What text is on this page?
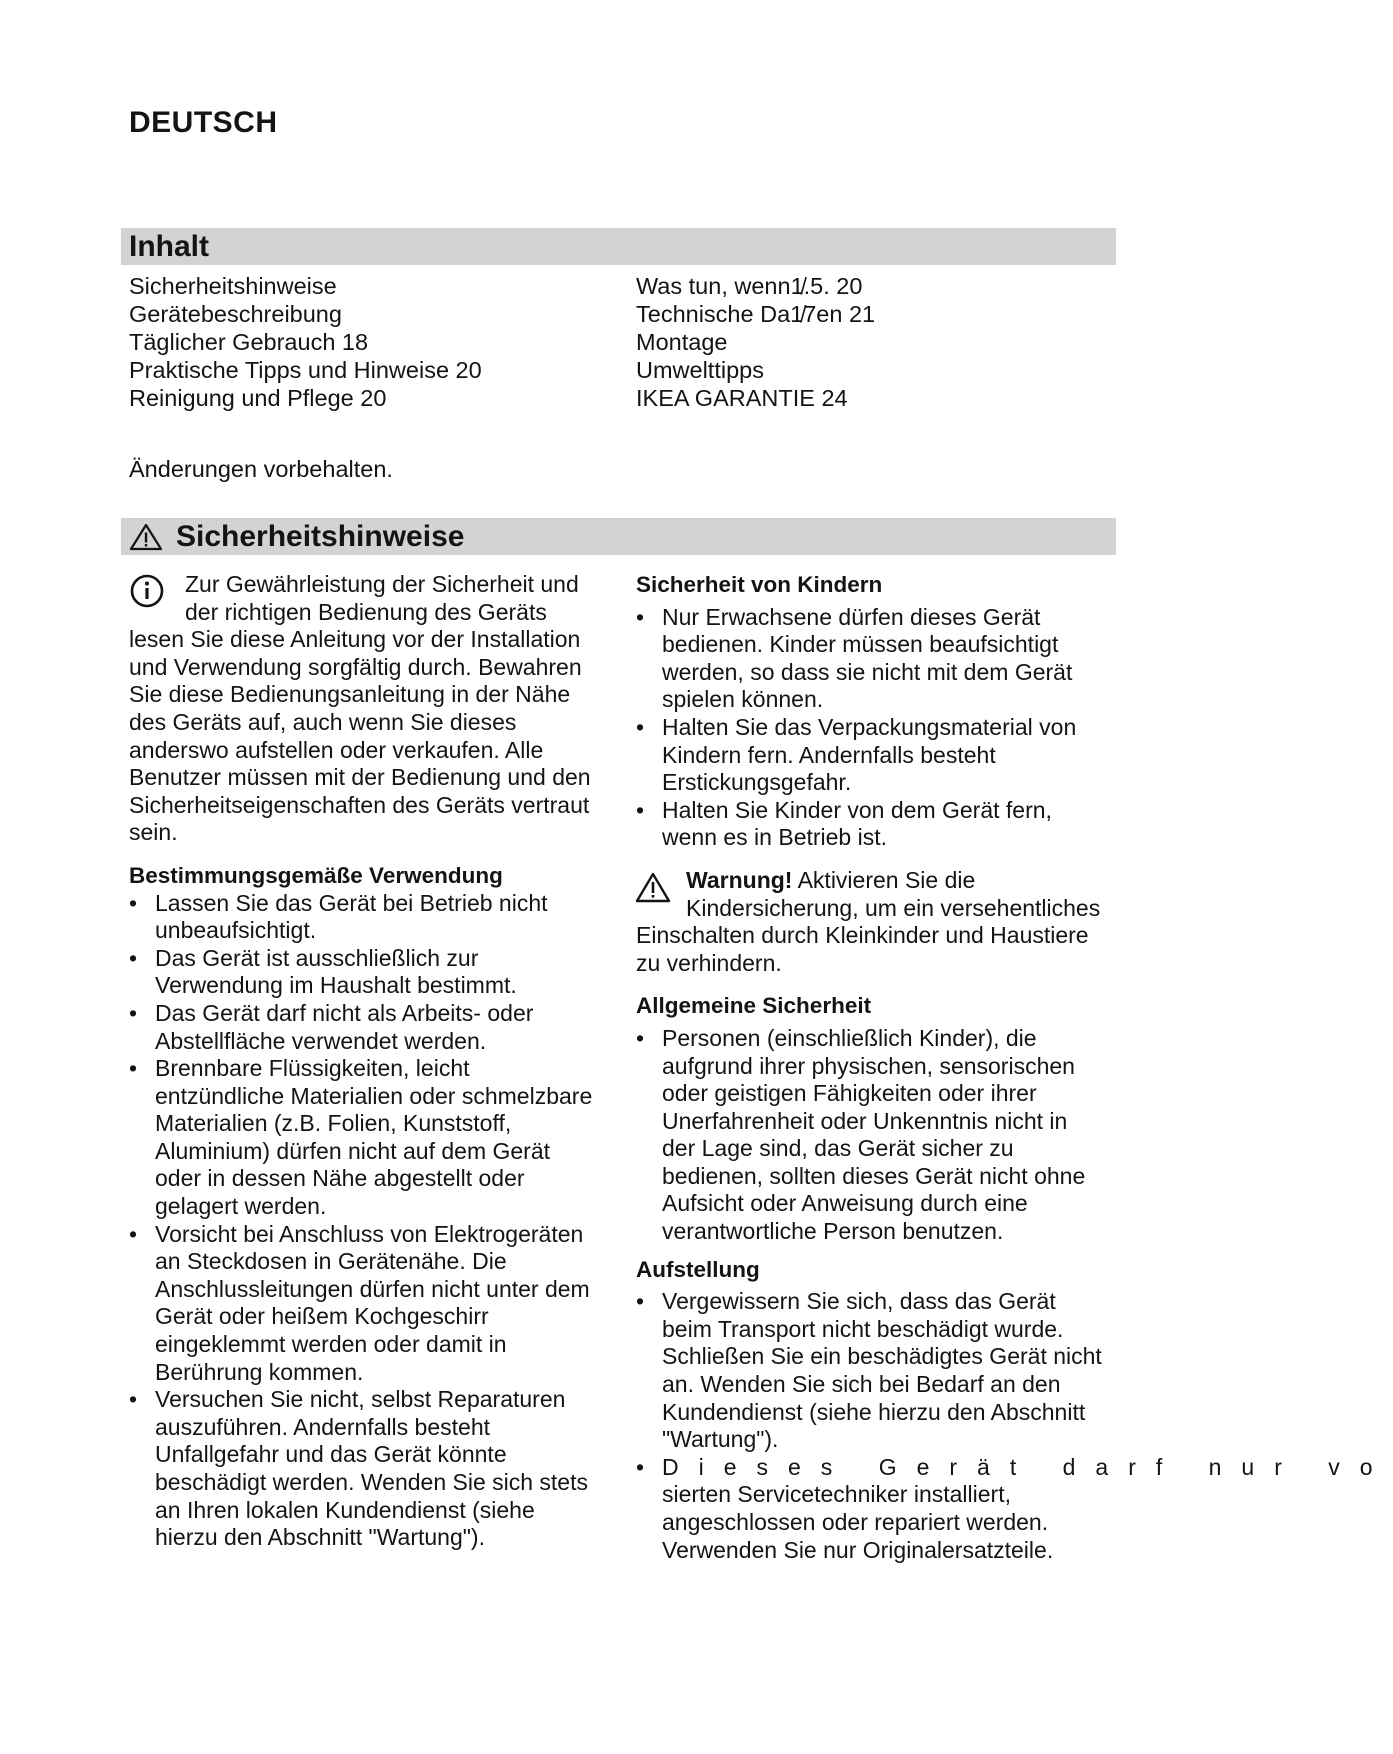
DEUTSCH
Inhalt
Sicherheitshinweise
Gerätebeschreibung
Täglicher Gebrauch 18
Praktische Tipps und Hinweise 20
Reinigung und Pflege 20
Was tun, wenn1̸.5. 20
Technische Da1̸7en 21
Montage
Umwelttipps
IKEA GARANTIE 24
Änderungen vorbehalten.
Sicherheitshinweise

Zur Gewährleistung der Sicherheit und der richtigen Bedienung des Geräts lesen Sie diese Anleitung vor der Installation und Verwendung sorgfältig durch. Bewahren Sie diese Bedienungsanleitung in der Nähe des Geräts auf, auch wenn Sie dieses anderswo aufstellen oder verkaufen. Alle Benutzer müssen mit der Bedienung und den Sicherheitseigenschaften des Geräts vertraut sein.

Bestimmungsgemäße Verwendung
• Lassen Sie das Gerät bei Betrieb nicht unbeaufsichtigt.
• Das Gerät ist ausschließlich zur Verwendung im Haushalt bestimmt.
• Das Gerät darf nicht als Arbeits- oder Abstellfläche verwendet werden.
• Brennbare Flüssigkeiten, leicht entzündliche Materialien oder schmelzbare Materialien (z.B. Folien, Kunststoff, Aluminium) dürfen nicht auf dem Gerät oder in dessen Nähe abgestellt oder gelagert werden.
• Vorsicht bei Anschluss von Elektrogeräten an Steckdosen in Gerätenähe. Die Anschlussleitungen dürfen nicht unter dem Gerät oder heißem Kochgeschirr eingeklemmt werden oder damit in Berührung kommen.
• Versuchen Sie nicht, selbst Reparaturen auszuführen. Andernfalls besteht Unfallgefahr und das Gerät könnte beschädigt werden. Wenden Sie sich stets an Ihren lokalen Kundendienst (siehe hierzu den Abschnitt "Wartung").
Sicherheit von Kindern
• Nur Erwachsene dürfen dieses Gerät bedienen. Kinder müssen beaufsichtigt werden, so dass sie nicht mit dem Gerät spielen können.
• Halten Sie das Verpackungsmaterial von Kindern fern. Andernfalls besteht Erstickungsgefahr.
• Halten Sie Kinder von dem Gerät fern, wenn es in Betrieb ist.

Warnung! Aktivieren Sie die Kindersicherung, um ein versehentliches Einschalten durch Kleinkinder und Haustiere zu verhindern.

Allgemeine Sicherheit
• Personen (einschließlich Kinder), die aufgrund ihrer physischen, sensorischen oder geistigen Fähigkeiten oder ihrer Unerfahrenheit oder Unkenntnis nicht in der Lage sind, das Gerät sicher zu bedienen, sollten dieses Gerät nicht ohne Aufsicht oder Anweisung durch eine verantwortliche Person benutzen.
Aufstellung
• Vergewissern Sie sich, dass das Gerät beim Transport nicht beschädigt wurde. Schließen Sie ein beschädigtes Gerät nicht an. Wenden Sie sich bei Bedarf an den Kundendienst (siehe hierzu den Abschnitt "Wartung").
• Dieses Gerät darf nur vo
sierten Servicetechniker installiert, angeschlossen oder repariert werden. Verwenden Sie nur Originalersatzteile.
